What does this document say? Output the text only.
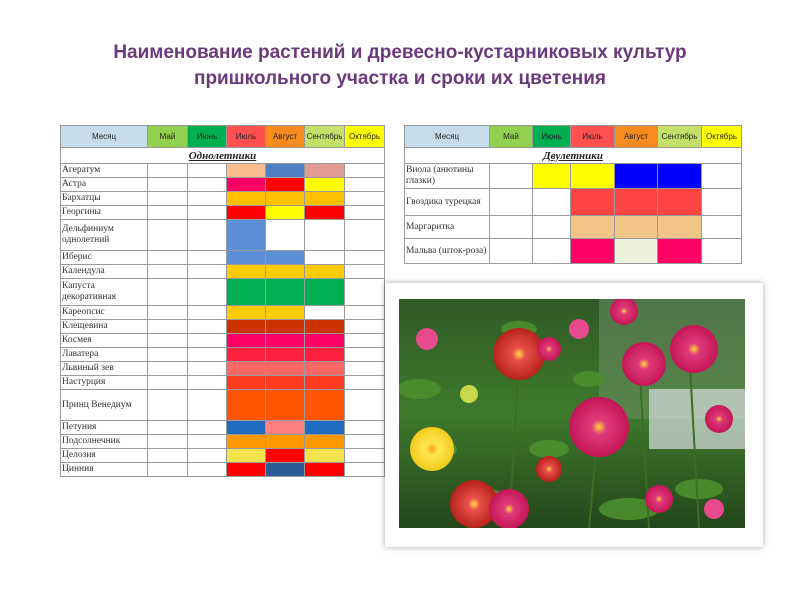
Наименование растений и древесно-кустарниковых культур
пришкольного участка и сроки их цветения
Месяц	Май	Июнь	Июль	Август	Сентябрь	Октябрь
Однолетники						
Агератум						
Астра						
Бархатцы						
Георгины						
Дельфиниум однолетний						
Иберис						
Календула						
Капуста декоративная						
Кареопсис						
Клещевина						
Космея						
Лаватера						
Львиный зев						
Настурция						
Принц Венедиум						
Петуния						
Подсолнечник						
Целозия						
Цинния						
Месяц	Май	Июнь	Июль	Август	Сентябрь	Октябрь
Двулетники						
Виола (анютины глазки)						
Гвоздика турецкая						
Маргаритка						
Мальва (шток-роза)						
